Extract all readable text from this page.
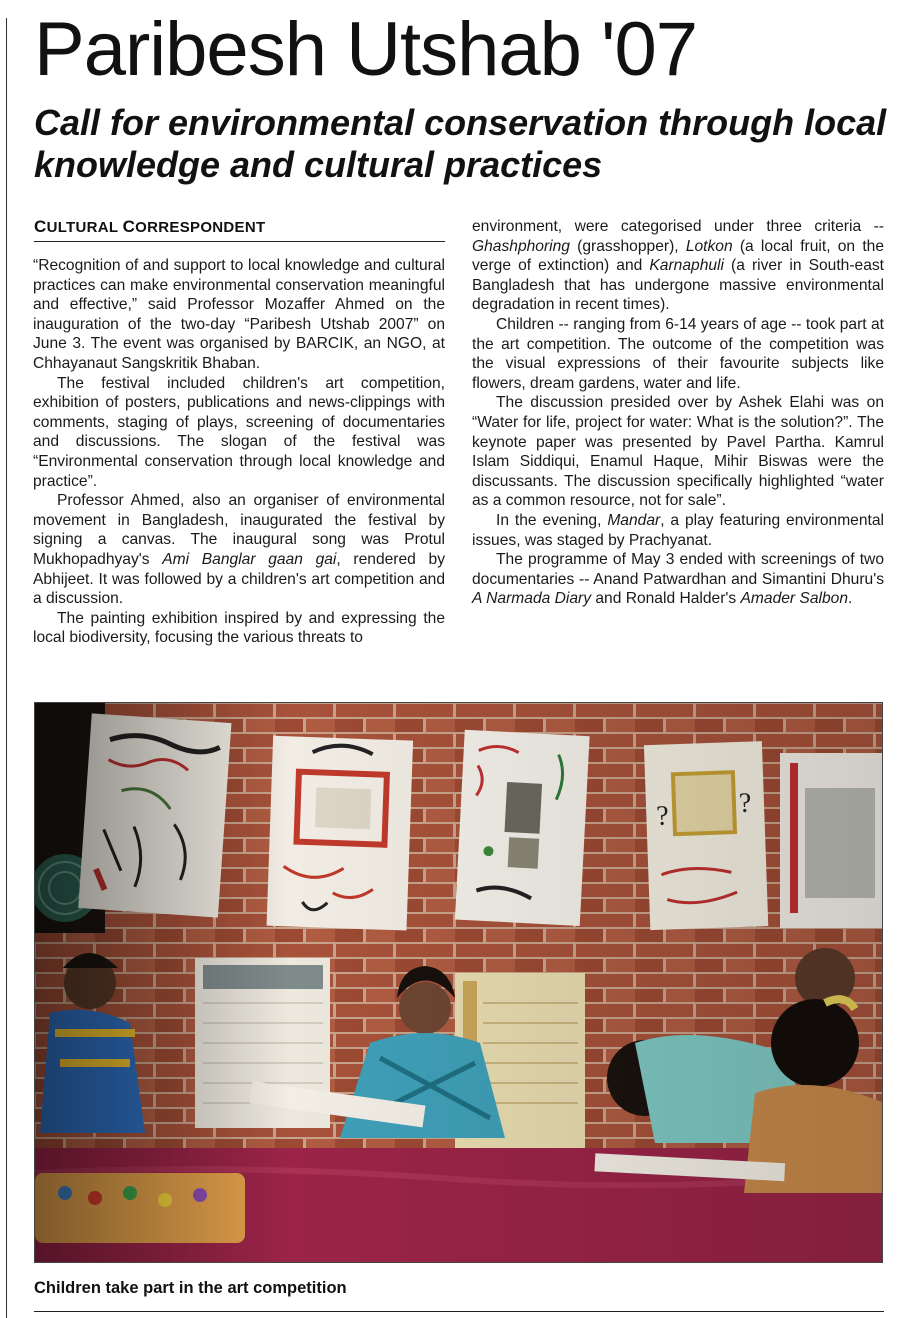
Paribesh Utshab '07
Call for environmental conservation through local knowledge and cultural practices
CULTURAL CORRESPONDENT

“Recognition of and support to local knowledge and cultural practices can make environmental conservation meaningful and effective,” said Professor Mozaffer Ahmed on the inauguration of the two-day “Paribesh Utshab 2007” on June 3. The event was organised by BARCIK, an NGO, at Chhayanaut Sangskritik Bhaban.

The festival included children's art competition, exhibition of posters, publications and news-clippings with comments, staging of plays, screening of documentaries and discussions. The slogan of the festival was “Environmental conservation through local knowledge and practice”.

Professor Ahmed, also an organiser of environmental movement in Bangladesh, inaugurated the festival by signing a canvas. The inaugural song was Protul Mukhopadhyay's Ami Banglar gaan gai, rendered by Abhijeet. It was followed by a children's art competition and a discussion.

The painting exhibition inspired by and expressing the local biodiversity, focusing the various threats to

environment, were categorised under three criteria -- Ghashphoring (grasshopper), Lotkon (a local fruit, on the verge of extinction) and Karnaphuli (a river in South-east Bangladesh that has undergone massive environmental degradation in recent times).

Children -- ranging from 6-14 years of age -- took part at the art competition. The outcome of the competition was the visual expressions of their favourite subjects like flowers, dream gardens, water and life.

The discussion presided over by Ashek Elahi was on “Water for life, project for water: What is the solution?”. The keynote paper was presented by Pavel Partha. Kamrul Islam Siddiqui, Enamul Haque, Mihir Biswas were the discussants. The discussion specifically highlighted “water as a common resource, not for sale”.

In the evening, Mandar, a play featuring environmental issues, was staged by Prachyanat.

The programme of May 3 ended with screenings of two documentaries -- Anand Patwardhan and Simantini Dhuru's A Narmada Diary and Ronald Halder's Amader Salbon.

Children take part in the art competition
